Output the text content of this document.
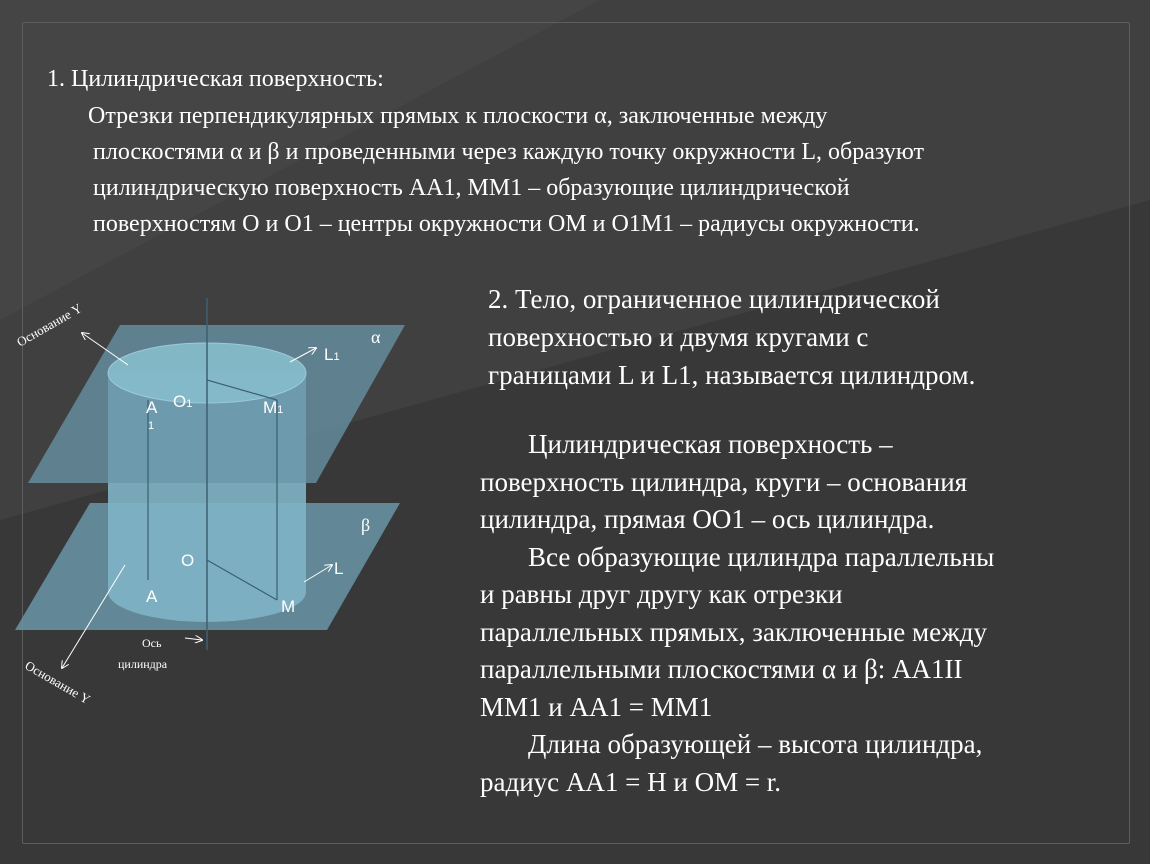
1. Цилиндрическая поверхность:

Отрезки перпендикулярных прямых к плоскости α, заключенные между
плоскостями α и β и проведенными через каждую точку окружности L, образуют
цилиндрическую поверхность АА1, ММ1 – образующие цилиндрической
поверхностям О и О1 – центры окружности ОМ и О1М1 – радиусы окружности.

2. Тело, ограниченное цилиндрической
поверхностью и двумя кругами с
границами L и L1, называется цилиндром.

Цилиндрическая поверхность –
поверхность цилиндра, круги – основания
цилиндра, прямая ОО1 – ось цилиндра.
Все образующие цилиндра параллельны
и равны друг другу как отрезки
параллельных прямых, заключенные между
параллельными плоскостями α и β: АА1II
ММ1 и АА1 = ММ1
Длина образующей – высота цилиндра,
радиус АА1 = Н и ОМ = r.

Основание Y
Основание Y
α
β
L1
O1
A
1
M1
O	L
A
M
Ось
цилиндра
